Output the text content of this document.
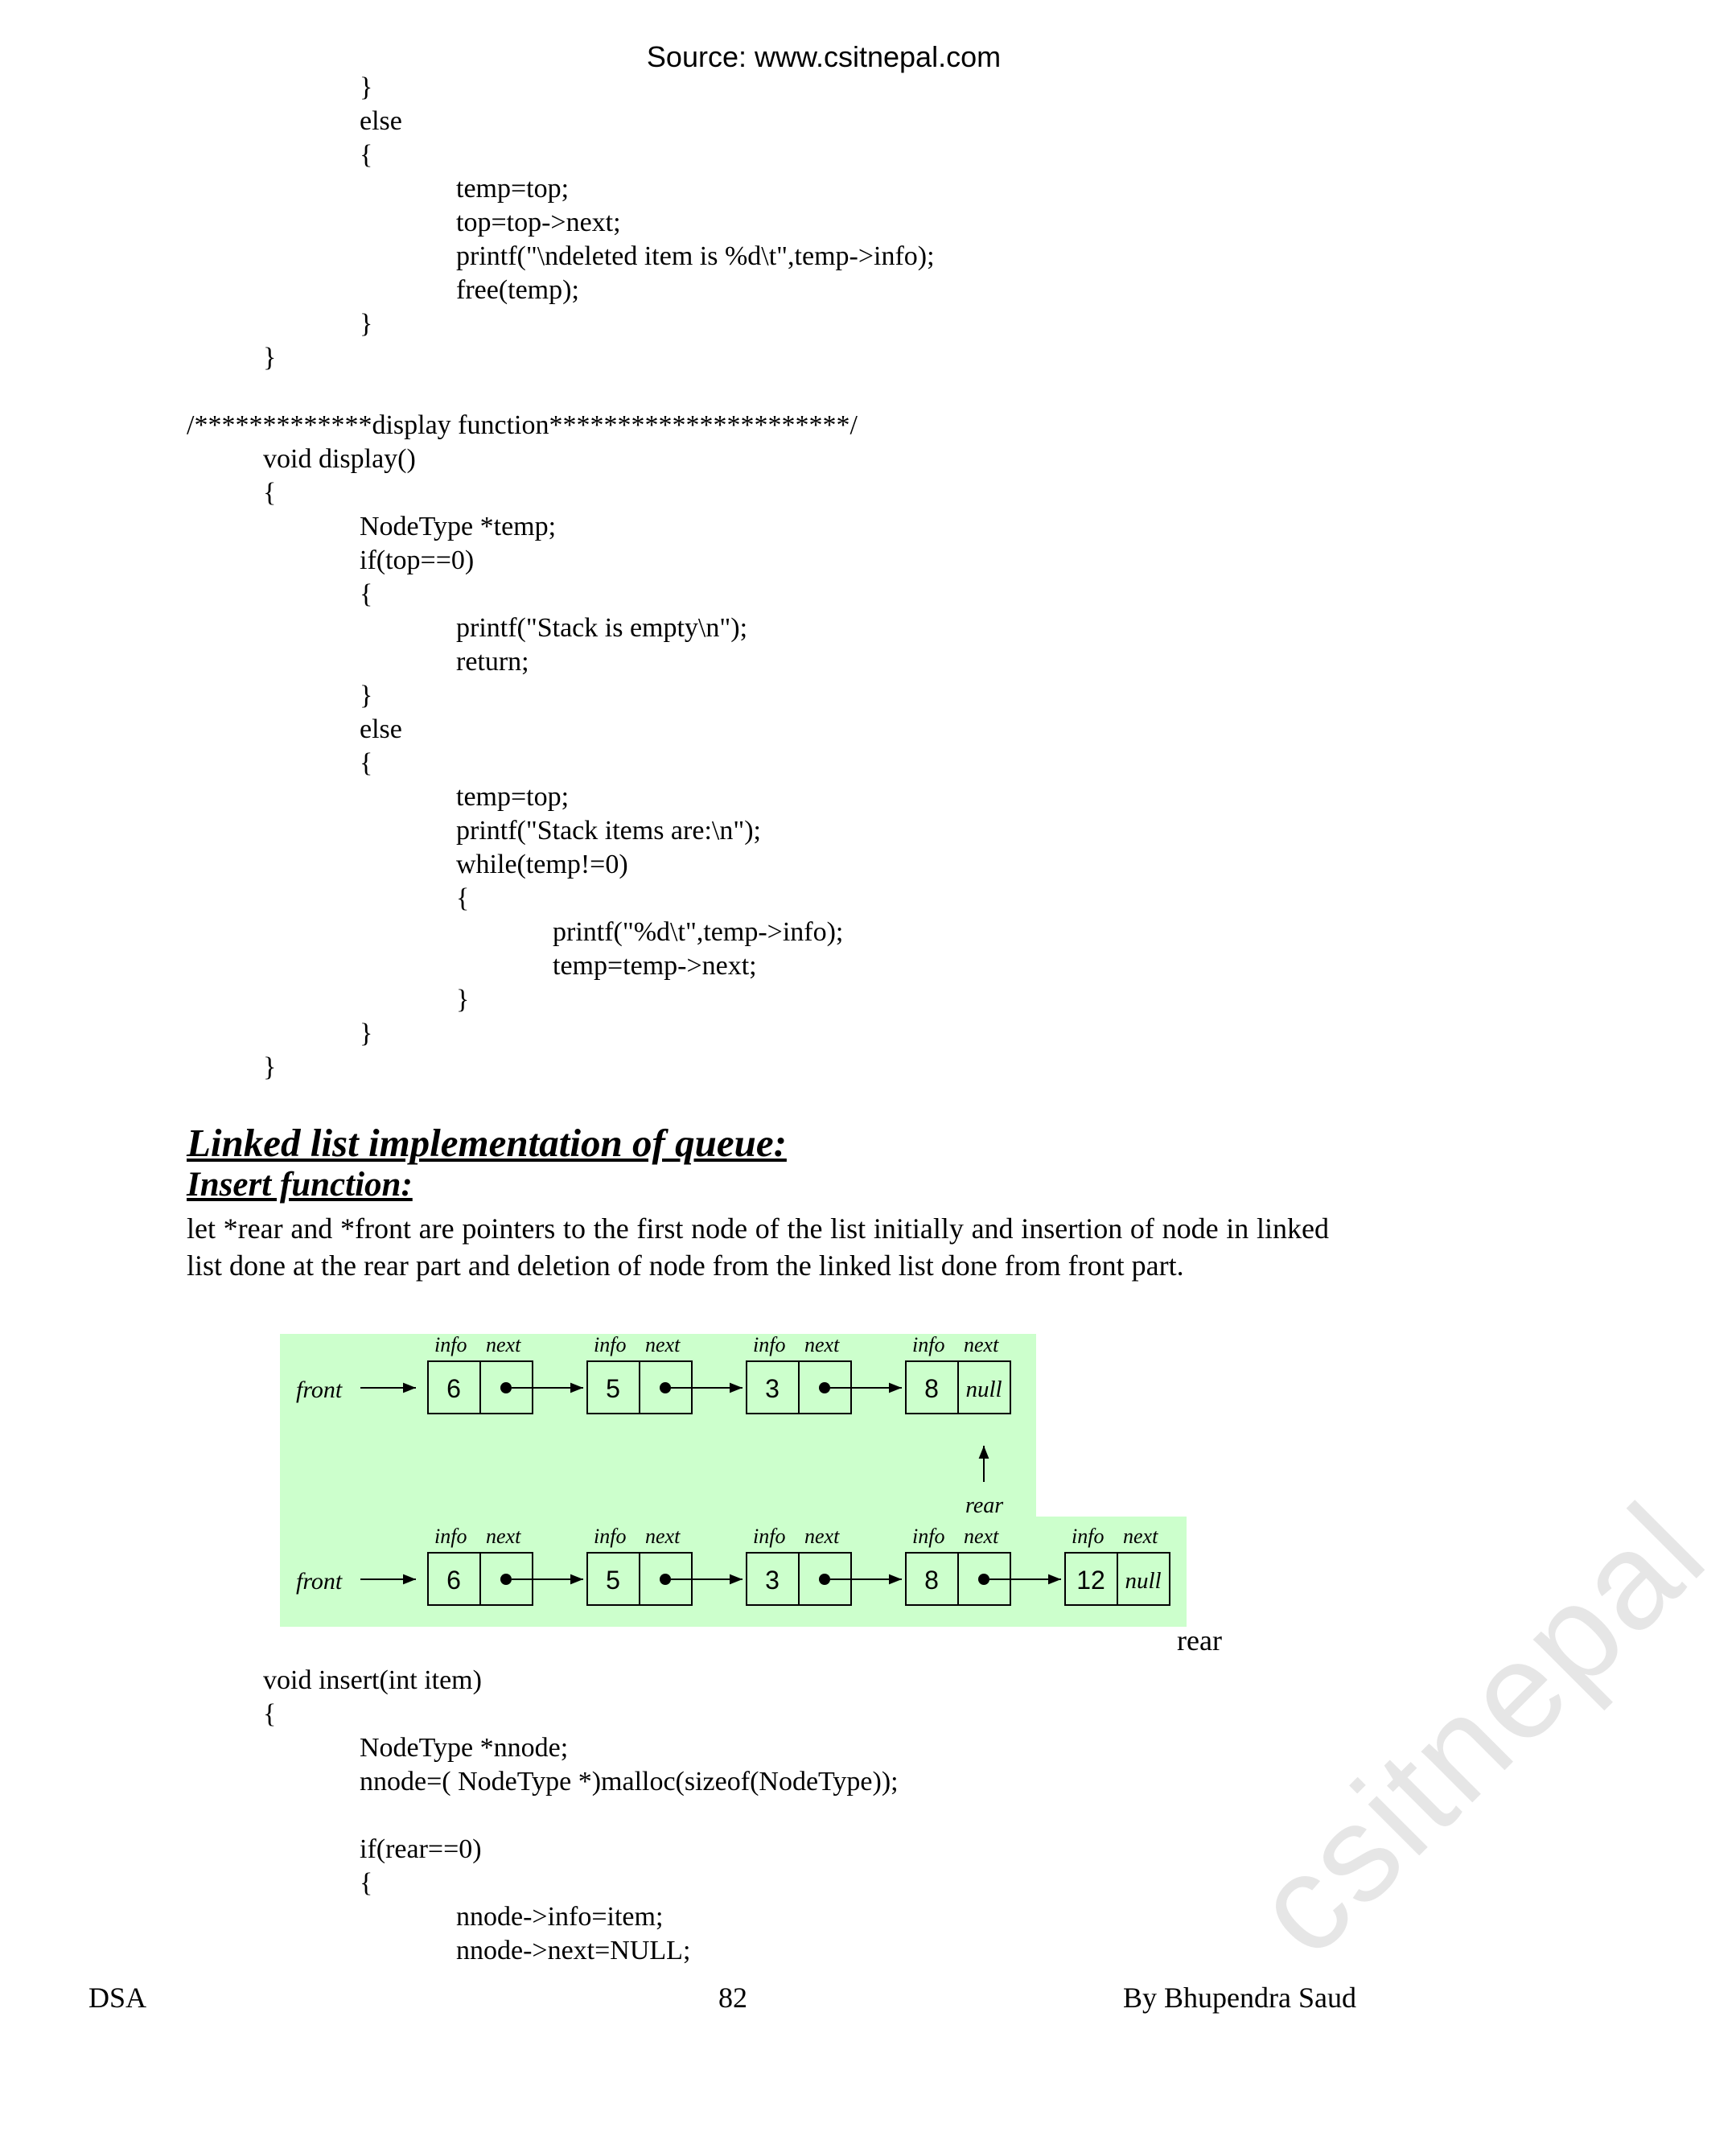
Source: www.csitnepal.com
}
else
{
temp=top;
top=top->next;
printf("\ndeleted item is %d\t",temp->info);
free(temp);
}
}
/*************display function**********************/
void display()
{
NodeType *temp;
if(top==0)
{
printf("Stack is empty\n");
return;
}
else
{
temp=top;
printf("Stack items are:\n");
while(temp!=0)
{
printf("%d\t",temp->info);
temp=temp->next;
}
}
}
Linked list implementation of queue:
Insert function:
let *rear and *front are pointers to the first node of the list initially and insertion of node in linked list done at the rear part and deletion of node from the linked list done from front part.
front
info next
6
info next
5
info next
3
info next
8 null
rear
front
info next
6
info next
5
info next
3
info next
8
info next
12 null
rear
void insert(int item)
{
NodeType *nnode;
nnode=( NodeType *)malloc(sizeof(NodeType));
if(rear==0)
{
nnode->info=item;
nnode->next=NULL;
DSA	82	By Bhupendra Saud
csitnepal
